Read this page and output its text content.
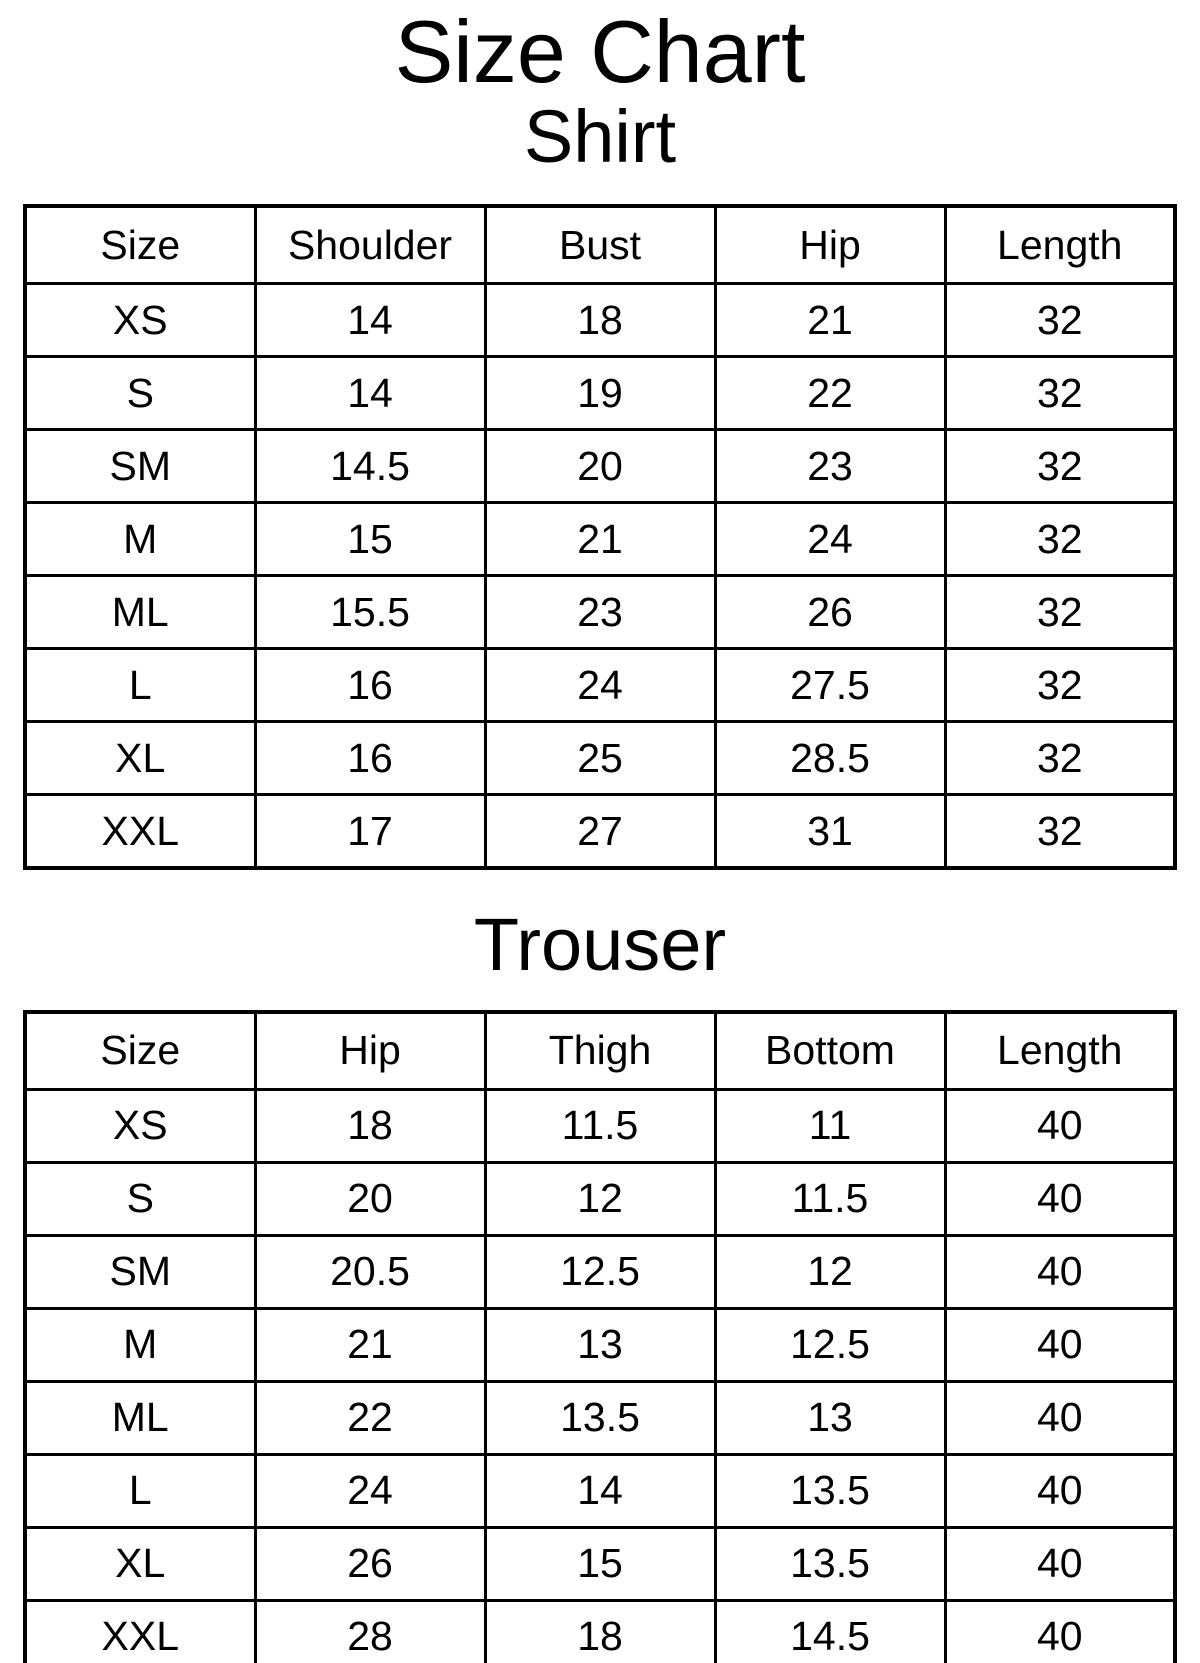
Size Chart
Shirt
Size	Shoulder	Bust	Hip	Length
XS	14	18	21	32
S	14	19	22	32
SM	14.5	20	23	32
M	15	21	24	32
ML	15.5	23	26	32
L	16	24	27.5	32
XL	16	25	28.5	32
XXL	17	27	31	32
Trouser
Size	Hip	Thigh	Bottom	Length
XS	18	11.5	11	40
S	20	12	11.5	40
SM	20.5	12.5	12	40
M	21	13	12.5	40
ML	22	13.5	13	40
L	24	14	13.5	40
XL	26	15	13.5	40
XXL	28	18	14.5	40
